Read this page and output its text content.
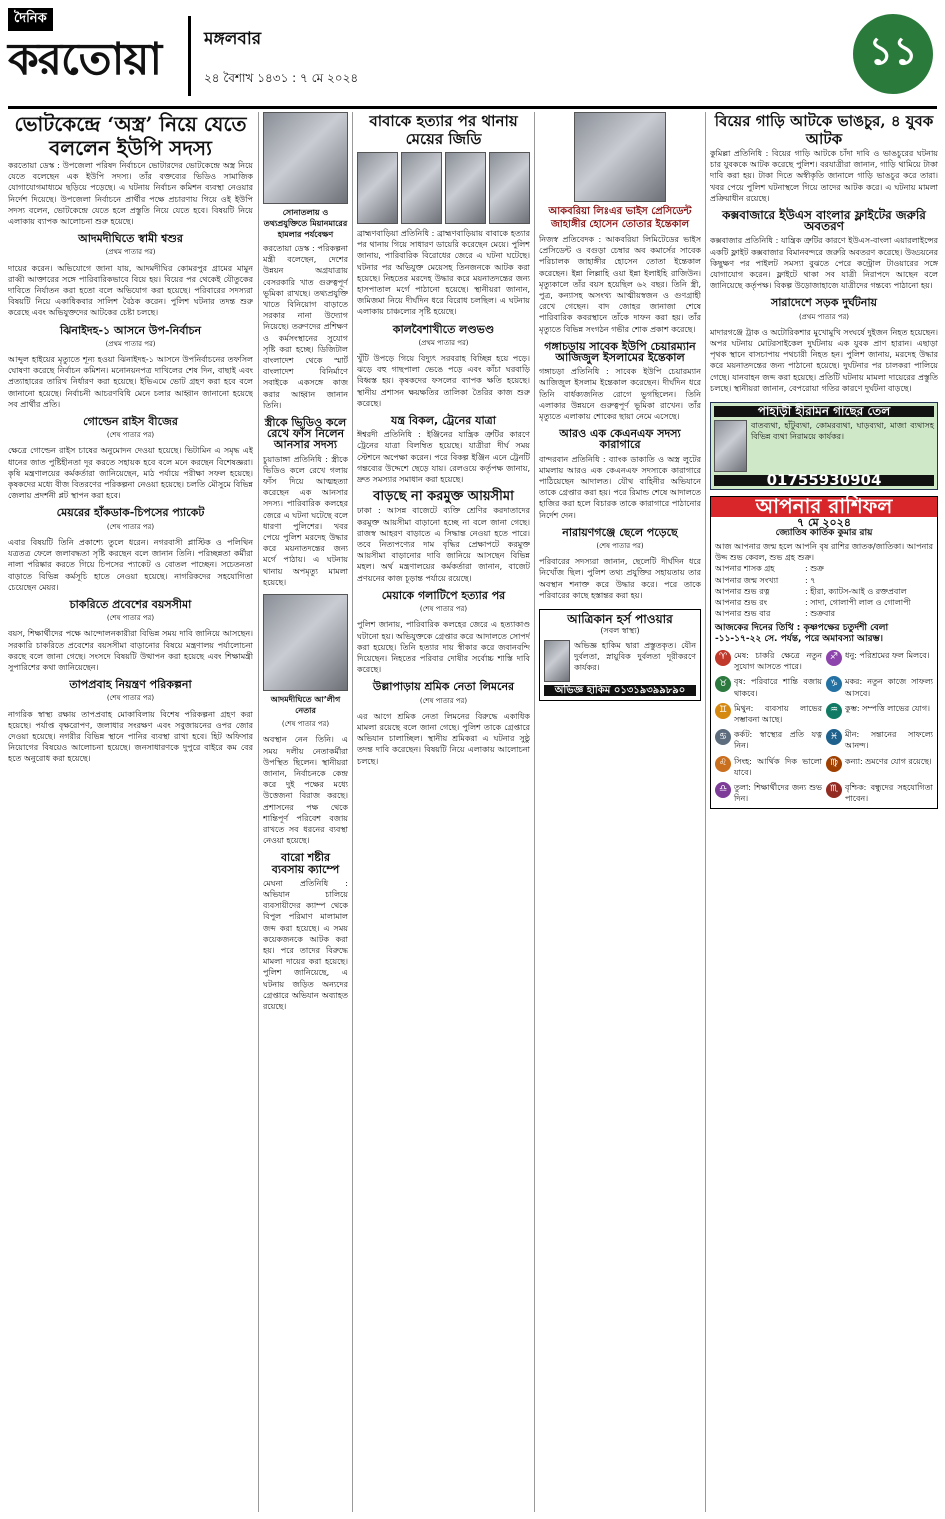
দৈনিক
করতোয়া	মঙ্গলবার
২৪ বৈশাখ ১৪৩১ : ৭ মে ২০২৪
১১
ভোটকেন্দ্রে ‘অস্ত্র’ নিয়ে যেতে বললেন ইউপি সদস্য
করতোয়া ডেস্ক : উপজেলা পরিষদ নির্বাচনে ভোটারদের ভোটকেন্দ্রে অস্ত্র নিয়ে যেতে বলেছেন এক ইউপি সদস্য। তাঁর বক্তব্যের ভিডিও সামাজিক যোগাযোগমাধ্যমে ছড়িয়ে পড়েছে। এ ঘটনায় নির্বাচন কমিশন ব্যবস্থা নেওয়ার নির্দেশ দিয়েছে। উপজেলা নির্বাচনে প্রার্থীর পক্ষে প্রচারণায় গিয়ে ওই ইউপি সদস্য বলেন, ভোটকেন্দ্রে যেতে হলে প্রস্তুতি নিয়ে যেতে হবে। বিষয়টি নিয়ে এলাকায় ব্যাপক আলোচনা শুরু হয়েছে।
আদমদীঘিতে স্বামী শ্বশুর
(প্রথম পাতার পর)
দায়ের করেন। অভিযোগে জানা যায়, আদমদীঘির কোমরপুর গ্রামের মামুন রাব্বী আক্তারের সঙ্গে পারিবারিকভাবে বিয়ে হয়। বিয়ের পর থেকেই যৌতুকের দাবিতে নির্যাতন করা হতো বলে অভিযোগ করা হয়েছে। পরিবারের সদস্যরা বিষয়টি নিয়ে একাধিকবার সালিশ বৈঠক করেন। পুলিশ ঘটনার তদন্ত শুরু করেছে এবং অভিযুক্তদের আটকের চেষ্টা চলছে।
ঝিনাইদহ-১ আসনে উপ-নির্বাচন
(প্রথম পাতার পর)
আব্দুল হাইয়ের মৃত্যুতে শূন্য হওয়া ঝিনাইদহ-১ আসনে উপনির্বাচনের তফসিল ঘোষণা করেছে নির্বাচন কমিশন। মনোনয়নপত্র দাখিলের শেষ দিন, বাছাই এবং প্রত্যাহারের তারিখ নির্ধারণ করা হয়েছে। ইভিএমে ভোট গ্রহণ করা হবে বলে জানানো হয়েছে। নির্বাচনী আচরণবিধি মেনে চলার আহ্বান জানানো হয়েছে সব প্রার্থীর প্রতি।
গোল্ডেন রাইস বীজের
(শেষ পাতার পর)
ক্ষেত্রে গোল্ডেন রাইস চাষের অনুমোদন দেওয়া হয়েছে। ভিটামিন এ সমৃদ্ধ এই ধানের জাত পুষ্টিহীনতা দূর করতে সহায়ক হবে বলে মনে করছেন বিশেষজ্ঞরা। কৃষি মন্ত্রণালয়ের কর্মকর্তারা জানিয়েছেন, মাঠ পর্যায়ে পরীক্ষা সফল হয়েছে। কৃষকদের মধ্যে বীজ বিতরণের পরিকল্পনা নেওয়া হয়েছে। চলতি মৌসুমে বিভিন্ন জেলায় প্রদর্শনী প্লট স্থাপন করা হবে।
মেয়রের হাঁকডাক-চিপসের প্যাকেট
(শেষ পাতার পর)
এবার বিষয়টি তিনি প্রকাশ্যে তুলে ধরেন। নগরবাসী প্লাস্টিক ও পলিথিন যত্রতত্র ফেলে জলাবদ্ধতা সৃষ্টি করছেন বলে জানান তিনি। পরিচ্ছন্নতা কর্মীরা নালা পরিষ্কার করতে গিয়ে চিপসের প্যাকেট ও বোতল পাচ্ছেন। সচেতনতা বাড়াতে বিভিন্ন কর্মসূচি হাতে নেওয়া হয়েছে। নাগরিকদের সহযোগিতা চেয়েছেন মেয়র।
চাকরিতে প্রবেশের বয়সসীমা
(শেষ পাতার পর)
বয়স, শিক্ষার্থীদের পক্ষে আন্দোলনকারীরা বিভিন্ন সময় দাবি জানিয়ে আসছেন। সরকারি চাকরিতে প্রবেশের বয়সসীমা বাড়ানোর বিষয়ে মন্ত্রণালয় পর্যালোচনা করছে বলে জানা গেছে। সংসদে বিষয়টি উত্থাপন করা হয়েছে এবং শিক্ষামন্ত্রী সুপারিশের কথা জানিয়েছেন।
তাপপ্রবাহ নিয়ন্ত্রণ পরিকল্পনা
(শেষ পাতার পর)
নাগরিক স্বাস্থ্য রক্ষায় তাপপ্রবাহ মোকাবিলায় বিশেষ পরিকল্পনা গ্রহণ করা হয়েছে। পর্যাপ্ত বৃক্ষরোপণ, জলাধার সংরক্ষণ এবং সবুজায়নের ওপর জোর দেওয়া হয়েছে। নগরীর বিভিন্ন স্থানে পানির ব্যবস্থা রাখা হবে। হিট অফিসার নিয়োগের বিষয়েও আলোচনা হয়েছে। জনসাধারণকে দুপুরে বাইরে কম বের হতে অনুরোধ করা হয়েছে।
সোনাতলায় ও তথ্যপ্রযুক্তিতে মিয়ানমারের হামলার পর্যবেক্ষণ
করতোয়া ডেস্ক : পরিকল্পনা মন্ত্রী বলেছেন, দেশের উন্নয়ন অগ্রযাত্রায় বেসরকারি খাত গুরুত্বপূর্ণ ভূমিকা রাখছে। তথ্যপ্রযুক্তি খাতে বিনিয়োগ বাড়াতে সরকার নানা উদ্যোগ নিয়েছে। তরুণদের প্রশিক্ষণ ও কর্মসংস্থানের সুযোগ সৃষ্টি করা হচ্ছে। ডিজিটাল বাংলাদেশ থেকে স্মার্ট বাংলাদেশ বিনির্মাণে সবাইকে একসঙ্গে কাজ করার আহ্বান জানান তিনি।
স্ত্রীকে ভিডিও কলে রেখে ফাঁস নিলেন আনসার সদস্য
চুয়াডাঙ্গা প্রতিনিধি : স্ত্রীকে ভিডিও কলে রেখে গলায় ফাঁস দিয়ে আত্মহত্যা করেছেন এক আনসার সদস্য। পারিবারিক কলহের জেরে এ ঘটনা ঘটেছে বলে ধারণা পুলিশের। খবর পেয়ে পুলিশ মরদেহ উদ্ধার করে ময়নাতদন্তের জন্য মর্গে পাঠায়। এ ঘটনায় থানায় অপমৃত্যু মামলা হয়েছে।
আদমদীঘিতে আ’লীগ নেতার
(শেষ পাতার পর)
অবস্থান নেন তিনি। এ সময় দলীয় নেতাকর্মীরা উপস্থিত ছিলেন। স্থানীয়রা জানান, নির্বাচনকে কেন্দ্র করে দুই পক্ষের মধ্যে উত্তেজনা বিরাজ করছে। প্রশাসনের পক্ষ থেকে শান্তিপূর্ণ পরিবেশ বজায় রাখতে সব ধরনের ব্যবস্থা নেওয়া হয়েছে।
বারো শষ্টীর ব্যবসায় ক্যাম্পে
মেঘনা প্রতিনিধি : অভিযান চালিয়ে ব্যবসায়ীদের ক্যাম্প থেকে বিপুল পরিমাণ মালামাল জব্দ করা হয়েছে। এ সময় কয়েকজনকে আটক করা হয়। পরে তাদের বিরুদ্ধে মামলা দায়ের করা হয়েছে। পুলিশ জানিয়েছে, এ ঘটনায় জড়িত অন্যদের গ্রেপ্তারে অভিযান অব্যাহত রয়েছে।
বাবাকে হত্যার পর থানায় মেয়ের জিডি
ব্রাহ্মণবাড়িয়া প্রতিনিধি : ব্রাহ্মণবাড়িয়ায় বাবাকে হত্যার পর থানায় গিয়ে সাধারণ ডায়েরি করেছেন মেয়ে। পুলিশ জানায়, পারিবারিক বিরোধের জেরে এ ঘটনা ঘটেছে। ঘটনার পর অভিযুক্ত মেয়েসহ তিনজনকে আটক করা হয়েছে। নিহতের মরদেহ উদ্ধার করে ময়নাতদন্তের জন্য হাসপাতাল মর্গে পাঠানো হয়েছে। স্থানীয়রা জানান, জমিজমা নিয়ে দীর্ঘদিন ধরে বিরোধ চলছিল। এ ঘটনায় এলাকায় চাঞ্চল্যের সৃষ্টি হয়েছে।
কালবৈশাখীতে লণ্ডভণ্ড
(প্রথম পাতার পর)
খুঁটি উপড়ে গিয়ে বিদ্যুৎ সরবরাহ বিচ্ছিন্ন হয়ে পড়ে। ঝড়ে বহু গাছপালা ভেঙে পড়ে এবং কাঁচা ঘরবাড়ি বিধ্বস্ত হয়। কৃষকদের ফসলের ব্যাপক ক্ষতি হয়েছে। স্থানীয় প্রশাসন ক্ষয়ক্ষতির তালিকা তৈরির কাজ শুরু করেছে।
যন্ত্র বিকল, ট্রেনের যাত্রা
ঈশ্বরদী প্রতিনিধি : ইঞ্জিনের যান্ত্রিক ত্রুটির কারণে ট্রেনের যাত্রা বিলম্বিত হয়েছে। যাত্রীরা দীর্ঘ সময় স্টেশনে অপেক্ষা করেন। পরে বিকল্প ইঞ্জিন এনে ট্রেনটি গন্তব্যের উদ্দেশে ছেড়ে যায়। রেলওয়ে কর্তৃপক্ষ জানায়, দ্রুত সমস্যার সমাধান করা হয়েছে।
বাড়ছে না করমুক্ত আয়সীমা
ঢাকা : আসন্ন বাজেটে ব্যক্তি শ্রেণির করদাতাদের করমুক্ত আয়সীমা বাড়ানো হচ্ছে না বলে জানা গেছে। রাজস্ব আহরণ বাড়াতে এ সিদ্ধান্ত নেওয়া হতে পারে। তবে নিত্যপণ্যের দাম বৃদ্ধির প্রেক্ষাপটে করমুক্ত আয়সীমা বাড়ানোর দাবি জানিয়ে আসছেন বিভিন্ন মহল। অর্থ মন্ত্রণালয়ের কর্মকর্তারা জানান, বাজেট প্রণয়নের কাজ চূড়ান্ত পর্যায়ে রয়েছে।
মেয়াকে গলাটিপে হত্যার পর
(শেষ পাতার পর)
পুলিশ জানায়, পারিবারিক কলহের জেরে এ হত্যাকাণ্ড ঘটানো হয়। অভিযুক্তকে গ্রেপ্তার করে আদালতে সোপর্দ করা হয়েছে। তিনি হত্যার দায় স্বীকার করে জবানবন্দি দিয়েছেন। নিহতের পরিবার দোষীর সর্বোচ্চ শাস্তি দাবি করেছে।
উল্লাপাড়ায় শ্রমিক নেতা লিমনের
(শেষ পাতার পর)
এর আগে শ্রমিক নেতা লিমনের বিরুদ্ধে একাধিক মামলা রয়েছে বলে জানা গেছে। পুলিশ তাকে গ্রেপ্তারে অভিযান চালাচ্ছিল। স্থানীয় শ্রমিকরা এ ঘটনার সুষ্ঠু তদন্ত দাবি করেছেন। বিষয়টি নিয়ে এলাকায় আলোচনা চলছে।
আকবরিয়া লিঃএর ভাইস প্রেসিডেন্ট জাহাঙ্গীর হোসেন তোতার ইন্তেকাল
নিজস্ব প্রতিবেদক : আকবরিয়া লিমিটেডের ভাইস প্রেসিডেন্ট ও বগুড়া চেম্বার অব কমার্সের সাবেক পরিচালক জাহাঙ্গীর হোসেন তোতা ইন্তেকাল করেছেন। ইন্না লিল্লাহি ওয়া ইন্না ইলাইহি রাজিউন। মৃত্যুকালে তাঁর বয়স হয়েছিল ৬২ বছর। তিনি স্ত্রী, পুত্র, কন্যাসহ অসংখ্য আত্মীয়স্বজন ও গুণগ্রাহী রেখে গেছেন। বাদ জোহর জানাজা শেষে পারিবারিক কবরস্থানে তাঁকে দাফন করা হয়। তাঁর মৃত্যুতে বিভিন্ন সংগঠন গভীর শোক প্রকাশ করেছে।
গঙ্গাচড়ায় সাবেক ইউপি চেয়ারম্যান আজিজুল ইসলামের ইন্তেকাল
গঙ্গাচড়া প্রতিনিধি : সাবেক ইউপি চেয়ারম্যান আজিজুল ইসলাম ইন্তেকাল করেছেন। দীর্ঘদিন ধরে তিনি বার্ধক্যজনিত রোগে ভুগছিলেন। তিনি এলাকার উন্নয়নে গুরুত্বপূর্ণ ভূমিকা রাখেন। তাঁর মৃত্যুতে এলাকায় শোকের ছায়া নেমে এসেছে।
আরও এক কেএনএফ সদস্য কারাগারে
বান্দরবান প্রতিনিধি : ব্যাংক ডাকাতি ও অস্ত্র লুটের মামলায় আরও এক কেএনএফ সদস্যকে কারাগারে পাঠিয়েছেন আদালত। যৌথ বাহিনীর অভিযানে তাকে গ্রেপ্তার করা হয়। পরে রিমান্ড শেষে আদালতে হাজির করা হলে বিচারক তাকে কারাগারে পাঠানোর নির্দেশ দেন।
নারায়ণগঞ্জে ছেলে পড়েছে
(শেষ পাতার পর)
পরিবারের সদস্যরা জানান, ছেলেটি দীর্ঘদিন ধরে নিখোঁজ ছিল। পুলিশ তথ্য প্রযুক্তির সহায়তায় তার অবস্থান শনাক্ত করে উদ্ধার করে। পরে তাকে পরিবারের কাছে হস্তান্তর করা হয়।
আত্রিকান হর্স পাওয়ার
(সবল স্বাস্থ্য)
অভিজ্ঞ হাকিম দ্বারা প্রস্তুতকৃত। যৌন দুর্বলতা, স্নায়ুবিক দুর্বলতা দূরীকরণে কার্যকর।
অভিজ্ঞ হাকিম ০১৩১৯৩৯৯৮৯০
বিয়ের গাড়ি আটকে ভাঙচুর, ৪ যুবক আটক
কুমিল্লা প্রতিনিধি : বিয়ের গাড়ি আটকে চাঁদা দাবি ও ভাঙচুরের ঘটনায় চার যুবককে আটক করেছে পুলিশ। বরযাত্রীরা জানান, গাড়ি থামিয়ে টাকা দাবি করা হয়। টাকা দিতে অস্বীকৃতি জানালে গাড়ি ভাঙচুর করে তারা। খবর পেয়ে পুলিশ ঘটনাস্থলে গিয়ে তাদের আটক করে। এ ঘটনায় মামলা প্রক্রিয়াধীন রয়েছে।
কক্সবাজারে ইউএস বাংলার ফ্লাইটের জরুরি অবতরণ
কক্সবাজার প্রতিনিধি : যান্ত্রিক ত্রুটির কারণে ইউএস-বাংলা এয়ারলাইন্সের একটি ফ্লাইট কক্সবাজার বিমানবন্দরে জরুরি অবতরণ করেছে। উড্ডয়নের কিছুক্ষণ পর পাইলট সমস্যা বুঝতে পেরে কন্ট্রোল টাওয়ারের সঙ্গে যোগাযোগ করেন। ফ্লাইটে থাকা সব যাত্রী নিরাপদে আছেন বলে জানিয়েছে কর্তৃপক্ষ। বিকল্প উড়োজাহাজে যাত্রীদের গন্তব্যে পাঠানো হয়।
সারাদেশে সড়ক দুর্ঘটনায়
(প্রথম পাতার পর)
মাদারগঞ্জে ট্রাক ও অটোরিকশার মুখোমুখি সংঘর্ষে দুইজন নিহত হয়েছেন। অপর ঘটনায় মোটরসাইকেল দুর্ঘটনায় এক যুবক প্রাণ হারান। এছাড়া পৃথক স্থানে বাসচাপায় পথচারী নিহত হন। পুলিশ জানায়, মরদেহ উদ্ধার করে ময়নাতদন্তের জন্য পাঠানো হয়েছে। দুর্ঘটনার পর চালকরা পালিয়ে গেছে। যানবাহন জব্দ করা হয়েছে। প্রতিটি ঘটনায় মামলা দায়েরের প্রস্তুতি চলছে। স্থানীয়রা জানান, বেপরোয়া গতির কারণে দুর্ঘটনা বাড়ছে।
পাহাড়ী হীরামন গাছের তেল
বাতব্যথা, হাঁটুব্যথা, কোমরব্যথা, ঘাড়ব্যথা, মাজা ব্যথাসহ বিভিন্ন ব্যথা নিরাময়ে কার্যকর।
01755930904
আপনার রাশিফল
৭ মে ২০২৪
জ্যোতিষ কার্তিক কুমার রায়
আজ আপনার জন্ম হলে আপনি বৃষ রাশির জাতক/জাতিকা। আপনার উদ্দ শুভ কেবল, শুভ গ্রহ শুক্র।
আপনার শাসক গ্রহ	: শুক্র
আপনার জন্ম সংখ্যা	: ৭
আপনার শুভ রত্ন	: হীরা, ক্যাটস-আই ও রক্তপ্রবাল
আপনার শুভ রং	: সাদা, গোলাপী লাল ও গোলাপী
আপনার শুভ বার	: শুক্রবার
আজকের দিনের তিথি : কৃষ্ণপক্ষের চতুর্দশী বেলা
-১১-১৭-২২ সে. পর্যন্ত, পরে অমাবস্যা আরম্ভ।
♈ মেষ: চাকরি ক্ষেত্রে নতুন সুযোগ আসতে পারে।
♐ ধনু: পরিশ্রমের ফল মিলবে।
♉ বৃষ: পরিবারে শান্তি বজায় থাকবে।
♑ মকর: নতুন কাজে সাফল্য আসবে।
♊ মিথুন: ব্যবসায় লাভের সম্ভাবনা আছে।
♒ কুম্ভ: সম্পত্তি লাভের যোগ।
♋ কর্কট: স্বাস্থ্যের প্রতি যত্ন নিন।
♓ মীন: সন্তানের সাফল্যে আনন্দ।
♌ সিংহ: আর্থিক দিক ভালো যাবে।
♍ কন্যা: ভ্রমণের যোগ রয়েছে।
♎ তুলা: শিক্ষার্থীদের জন্য শুভ দিন।
♏ বৃশ্চিক: বন্ধুদের সহযোগিতা পাবেন।
